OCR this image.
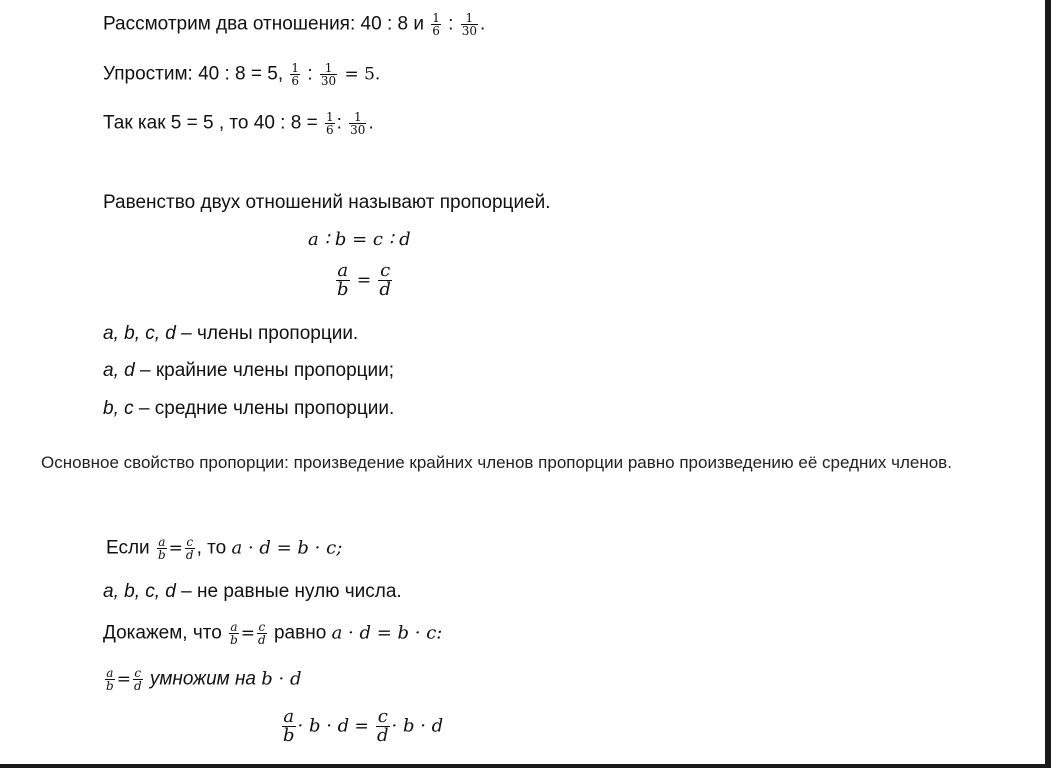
Рассмотрим два отношения: 40 : 8 и $\frac{1}{6}$ : $\frac{1}{30}$ .
Упростим: 40 : 8 = 5, $\frac{1}{6}$ : $\frac{1}{30} = 5$.
Так как 5 = 5 , то 40 : $8 = \frac{1}{6}$ : $\frac{1}{30}$ .
Равенство двух отношений называют пропорцией.
a ∶ b = c ∶ d
$\frac{a}{b} = \frac{c}{d}$
a, b, c, d – члены пропорции.
a, d – крайние члены пропорции;
b, c – средние члены пропорции.
Основное свойство пропорции: произведение крайних членов пропорции равно произведению её средних членов.
Если $\frac{a}{b} = \frac{c}{d}$ , то a · d = b · c;
a, b, c, d – не равные нулю числа.
Докажем, что $\frac{a}{b} = \frac{c}{d}$ равно a · d = b · c:
$\frac{a}{b} = \frac{c}{d}$ умножим на b · d
$\frac{a}{b} \cdot b \cdot d = \frac{c}{d} \cdot b \cdot d$
